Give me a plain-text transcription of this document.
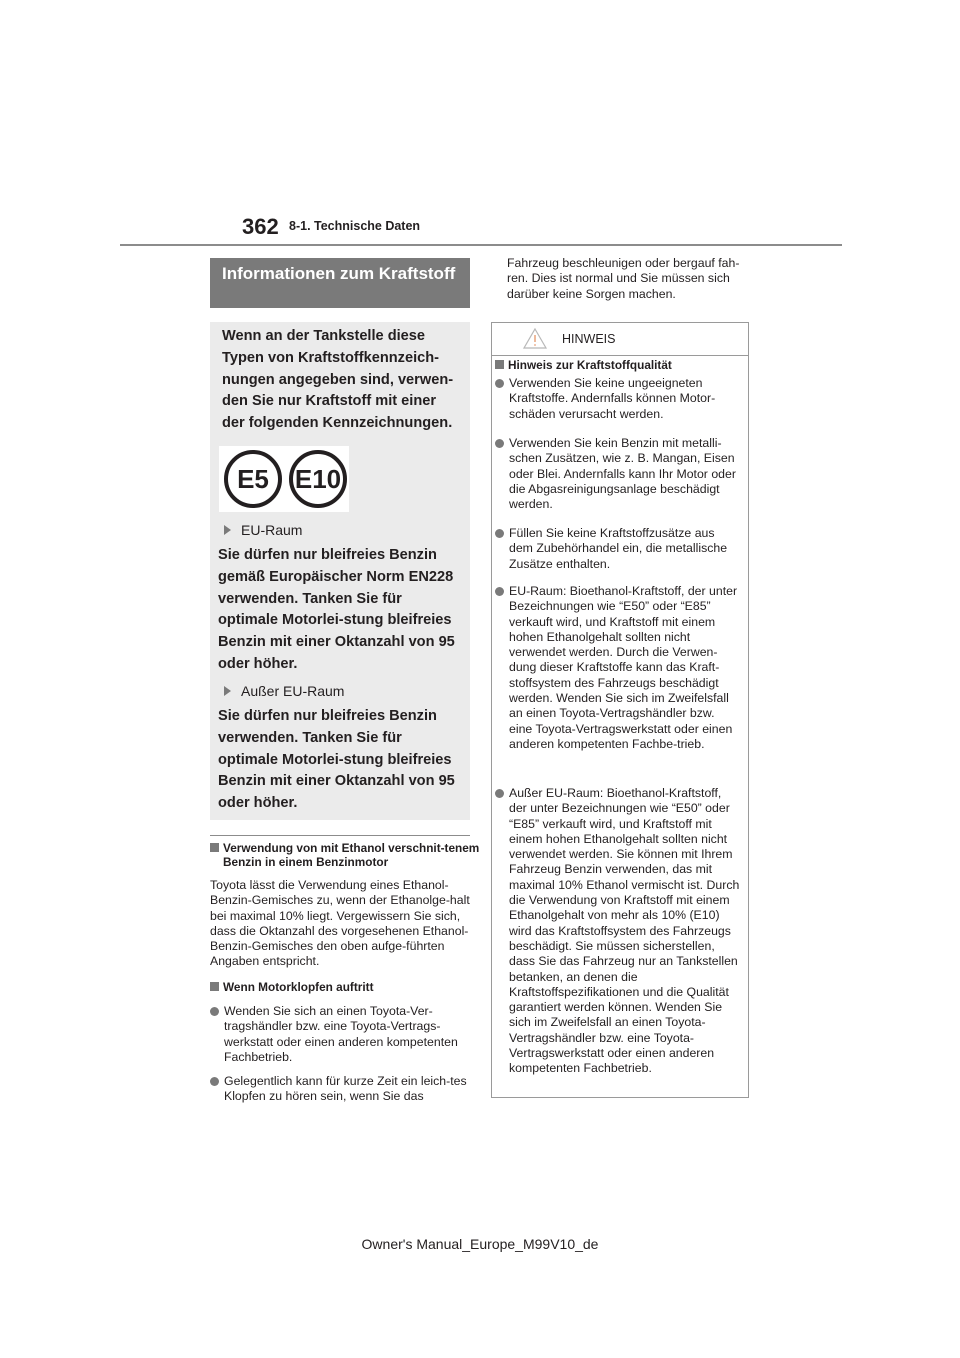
362 8-1. Technische Daten
Informationen zum Kraftstoff
Wenn an der Tankstelle diese Typen von Kraftstoffkennzeich-nungen angegeben sind, verwen-den Sie nur Kraftstoff mit einer der folgenden Kennzeichnungen.
E5 E10
EU-Raum
Sie dürfen nur bleifreies Benzin gemäß Europäischer Norm EN228 verwenden. Tanken Sie für optimale Motorlei-stung bleifreies Benzin mit einer Oktanzahl von 95 oder höher.
Außer EU-Raum
Sie dürfen nur bleifreies Benzin verwenden. Tanken Sie für optimale Motorlei-stung bleifreies Benzin mit einer Oktanzahl von 95 oder höher.
Verwendung von mit Ethanol verschnit-tenem Benzin in einem Benzinmotor
Toyota lässt die Verwendung eines Ethanol-Benzin-Gemisches zu, wenn der Ethanolge-halt bei maximal 10% liegt. Vergewissern Sie sich, dass die Oktanzahl des vorgesehenen Ethanol-Benzin-Gemisches den oben aufge-führten Angaben entspricht.
Wenn Motorklopfen auftritt
Wenden Sie sich an einen Toyota-Ver-tragshändler bzw. eine Toyota-Vertrags-werkstatt oder einen anderen kompetenten Fachbetrieb.
Gelegentlich kann für kurze Zeit ein leich-tes Klopfen zu hören sein, wenn Sie das
Fahrzeug beschleunigen oder bergauf fah-ren. Dies ist normal und Sie müssen sich darüber keine Sorgen machen.
HINWEIS
Hinweis zur Kraftstoffqualität
Verwenden Sie keine ungeeigneten Kraftstoffe. Andernfalls können Motor-schäden verursacht werden.
Verwenden Sie kein Benzin mit metalli-schen Zusätzen, wie z. B. Mangan, Eisen oder Blei. Andernfalls kann Ihr Motor oder die Abgasreinigungsanlage beschädigt werden.
Füllen Sie keine Kraftstoffzusätze aus dem Zubehörhandel ein, die metallische Zusätze enthalten.
EU-Raum: Bioethanol-Kraftstoff, der unter Bezeichnungen wie “E50” oder “E85” verkauft wird, und Kraftstoff mit einem hohen Ethanolgehalt sollten nicht verwendet werden. Durch die Verwen-dung dieser Kraftstoffe kann das Kraft-stoffsystem des Fahrzeugs beschädigt werden. Wenden Sie sich im Zweifelsfall an einen Toyota-Vertragshändler bzw. eine Toyota-Vertragswerkstatt oder einen anderen kompetenten Fachbe-trieb.
Außer EU-Raum: Bioethanol-Kraftstoff, der unter Bezeichnungen wie “E50” oder “E85” verkauft wird, und Kraftstoff mit einem hohen Ethanolgehalt sollten nicht verwendet werden. Sie können mit Ihrem Fahrzeug Benzin verwenden, das mit maximal 10% Ethanol vermischt ist. Durch die Verwendung von Kraftstoff mit einem Ethanolgehalt von mehr als 10% (E10) wird das Kraftstoffsystem des Fahrzeugs beschädigt. Sie müssen sicherstellen, dass Sie das Fahrzeug nur an Tankstellen betanken, an denen die Kraftstoffspezifikationen und die Qualität garantiert werden können. Wenden Sie sich im Zweifelsfall an einen Toyota-Vertragshändler bzw. eine Toyota-Vertragswerkstatt oder einen anderen kompetenten Fachbetrieb.
Owner's Manual_Europe_M99V10_de
